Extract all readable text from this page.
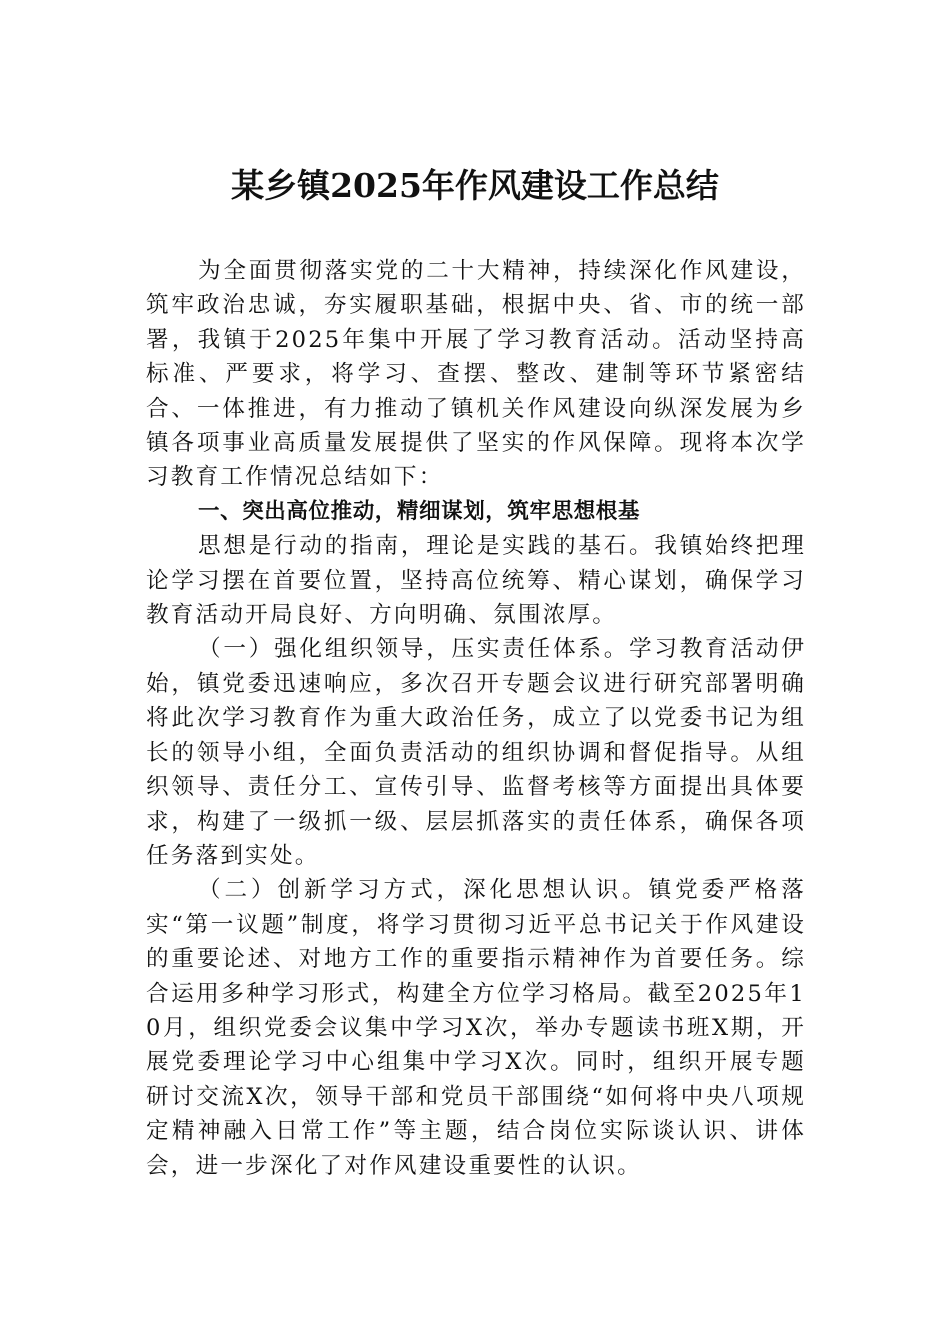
某乡镇2025年作风建设工作总结

为全面贯彻落实党的二十大精神，持续深化作风建设，筑牢政治忠诚，夯实履职基础，根据中央、省、市的统一部署，我镇于2025年集中开展了学习教育活动。活动坚持高标准、严要求，将学习、查摆、整改、建制等环节紧密结合、一体推进，有力推动了镇机关作风建设向纵深发展为乡镇各项事业高质量发展提供了坚实的作风保障。现将本次学习教育工作情况总结如下：

一、突出高位推动，精细谋划，筑牢思想根基

思想是行动的指南，理论是实践的基石。我镇始终把理论学习摆在首要位置，坚持高位统筹、精心谋划，确保学习教育活动开局良好、方向明确、氛围浓厚。

（一）强化组织领导，压实责任体系。学习教育活动伊始，镇党委迅速响应，多次召开专题会议进行研究部署明确将此次学习教育作为重大政治任务，成立了以党委书记为组长的领导小组，全面负责活动的组织协调和督促指导。从组织领导、责任分工、宣传引导、监督考核等方面提出具体要求，构建了一级抓一级、层层抓落实的责任体系，确保各项任务落到实处。

（二）创新学习方式，深化思想认识。镇党委严格落实“第一议题”制度，将学习贯彻习近平总书记关于作风建设的重要论述、对地方工作的重要指示精神作为首要任务。综合运用多种学习形式，构建全方位学习格局。截至2025年10月，组织党委会议集中学习X次，举办专题读书班X期，开展党委理论学习中心组集中学习X次。同时，组织开展专题研讨交流X次，领导干部和党员干部围绕“如何将中央八项规定精神融入日常工作”等主题，结合岗位实际谈认识、讲体会，进一步深化了对作风建设重要性的认识。
